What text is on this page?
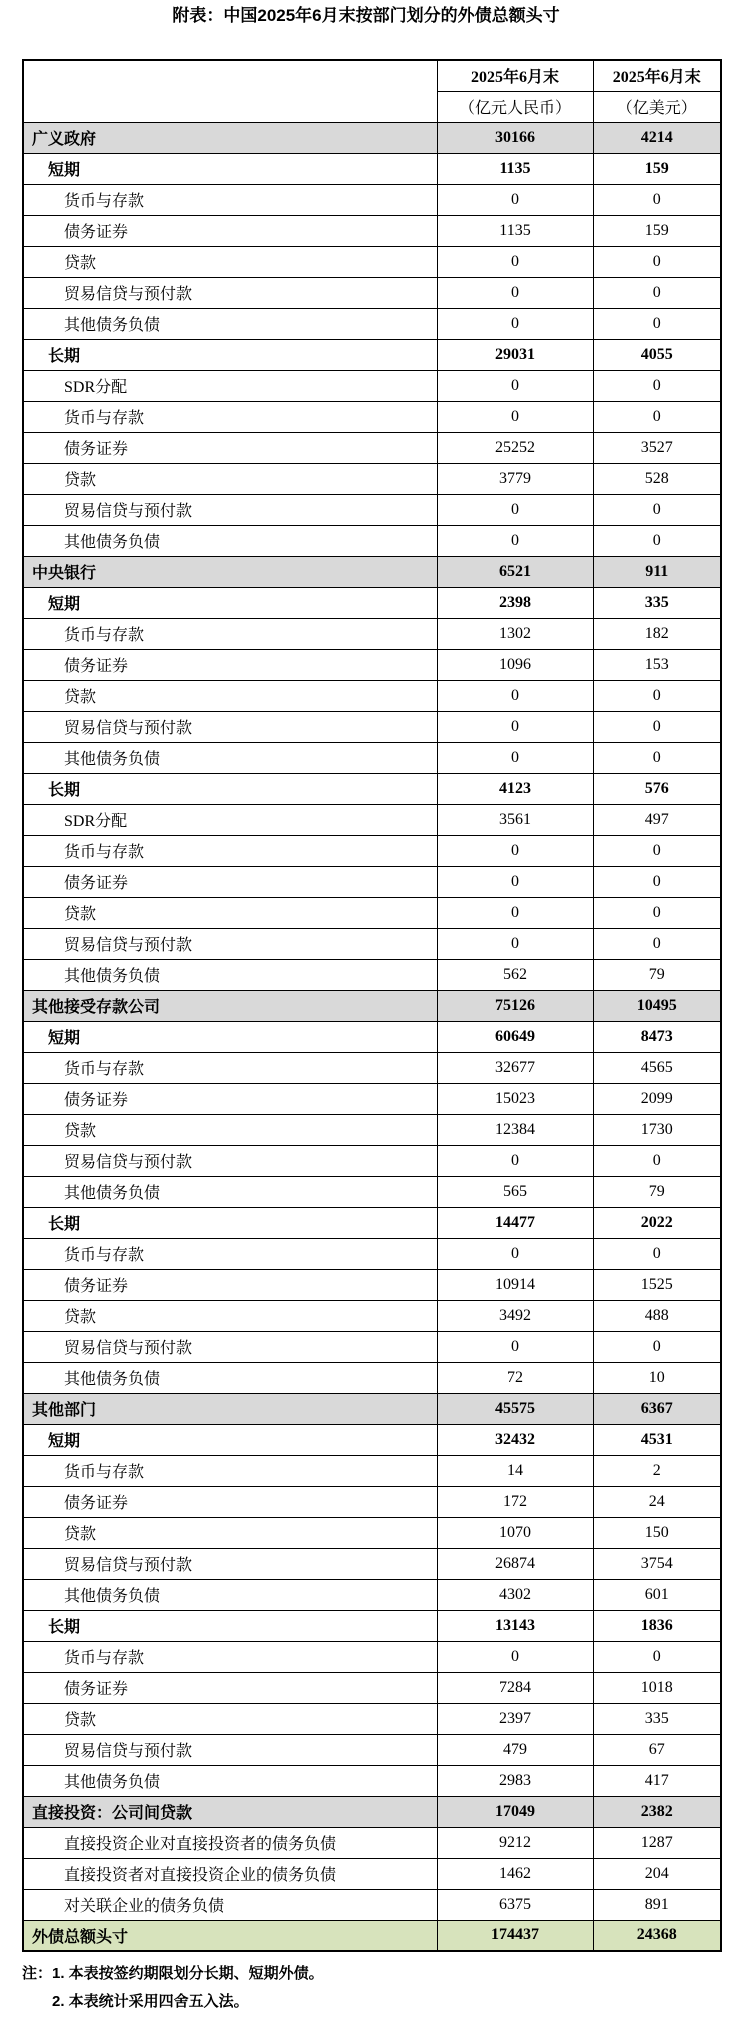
附表：中国2025年6月末按部门划分的外债总额头寸
	2025年6月末	2025年6月末
	（亿元人民币）	（亿美元）
广义政府	30166	4214
短期	1135	159
货币与存款	0	0
债务证券	1135	159
贷款	0	0
贸易信贷与预付款	0	0
其他债务负债	0	0
长期	29031	4055
SDR分配	0	0
货币与存款	0	0
债务证券	25252	3527
贷款	3779	528
贸易信贷与预付款	0	0
其他债务负债	0	0
中央银行	6521	911
短期	2398	335
货币与存款	1302	182
债务证券	1096	153
贷款	0	0
贸易信贷与预付款	0	0
其他债务负债	0	0
长期	4123	576
SDR分配	3561	497
货币与存款	0	0
债务证券	0	0
贷款	0	0
贸易信贷与预付款	0	0
其他债务负债	562	79
其他接受存款公司	75126	10495
短期	60649	8473
货币与存款	32677	4565
债务证券	15023	2099
贷款	12384	1730
贸易信贷与预付款	0	0
其他债务负债	565	79
长期	14477	2022
货币与存款	0	0
债务证券	10914	1525
贷款	3492	488
贸易信贷与预付款	0	0
其他债务负债	72	10
其他部门	45575	6367
短期	32432	4531
货币与存款	14	2
债务证券	172	24
贷款	1070	150
贸易信贷与预付款	26874	3754
其他债务负债	4302	601
长期	13143	1836
货币与存款	0	0
债务证券	7284	1018
贷款	2397	335
贸易信贷与预付款	479	67
其他债务负债	2983	417
直接投资：公司间贷款	17049	2382
直接投资企业对直接投资者的债务负债	9212	1287
直接投资者对直接投资企业的债务负债	1462	204
对关联企业的债务负债	6375	891
外债总额头寸	174437	24368

注：1. 本表按签约期限划分长期、短期外债。

2. 本表统计采用四舍五入法。
